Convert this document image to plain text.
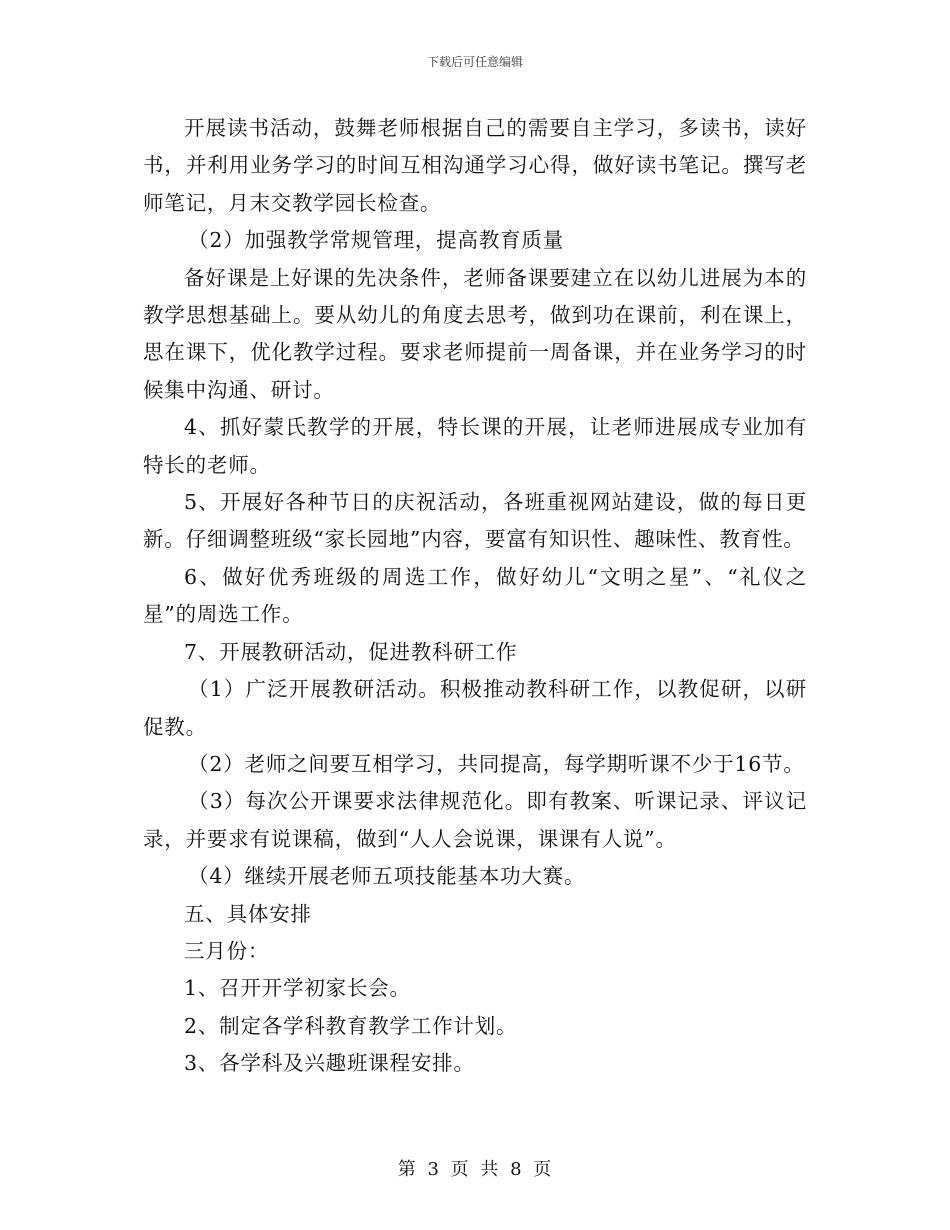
下载后可任意编辑

开展读书活动，鼓舞老师根据自己的需要自主学习，多读书，读好书，并利用业务学习的时间互相沟通学习心得，做好读书笔记。撰写老师笔记，月末交教学园长检查。

（2）加强教学常规管理，提高教育质量

备好课是上好课的先决条件，老师备课要建立在以幼儿进展为本的教学思想基础上。要从幼儿的角度去思考，做到功在课前，利在课上，思在课下，优化教学过程。要求老师提前一周备课，并在业务学习的时候集中沟通、研讨。

4、抓好蒙氏教学的开展，特长课的开展，让老师进展成专业加有特长的老师。

5、开展好各种节日的庆祝活动，各班重视网站建设，做的每日更新。仔细调整班级“家长园地”内容，要富有知识性、趣味性、教育性。

6、做好优秀班级的周选工作，做好幼儿“文明之星”、“礼仪之星”的周选工作。

7、开展教研活动，促进教科研工作

（1）广泛开展教研活动。积极推动教科研工作，以教促研，以研促教。

（2）老师之间要互相学习，共同提高，每学期听课不少于16节。

（3）每次公开课要求法律规范化。即有教案、听课记录、评议记录，并要求有说课稿，做到“人人会说课，课课有人说”。

（4）继续开展老师五项技能基本功大赛。

五、具体安排

三月份：

1、召开开学初家长会。

2、制定各学科教育教学工作计划。

3、各学科及兴趣班课程安排。

第 3 页 共 8 页
